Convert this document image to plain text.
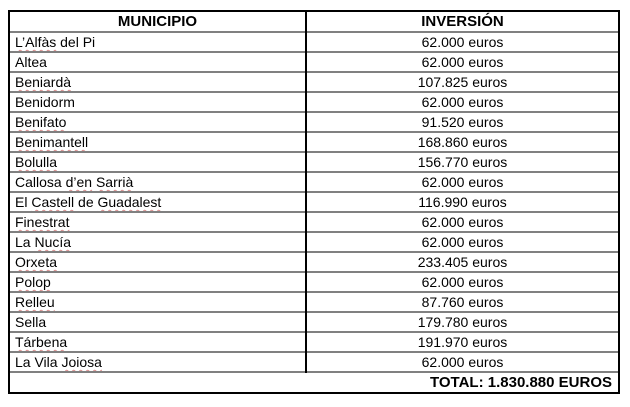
MUNICIPIO	INVERSIÓN
L’Alfàs del Pi	62.000 euros
Altea	62.000 euros
Beniardà	107.825 euros
Benidorm	62.000 euros
Benifato	91.520 euros
Benimantell	168.860 euros
Bolulla	156.770 euros
Callosa d’en Sarrià	62.000 euros
El Castell de Guadalest	116.990 euros
Finestrat	62.000 euros
La Nucía	62.000 euros
Orxeta	233.405 euros
Polop	62.000 euros
Relleu	87.760 euros
Sella	179.780 euros
Tárbena	191.970 euros
La Vila Joiosa	62.000 euros
TOTAL: 1.830.880 EUROS	
